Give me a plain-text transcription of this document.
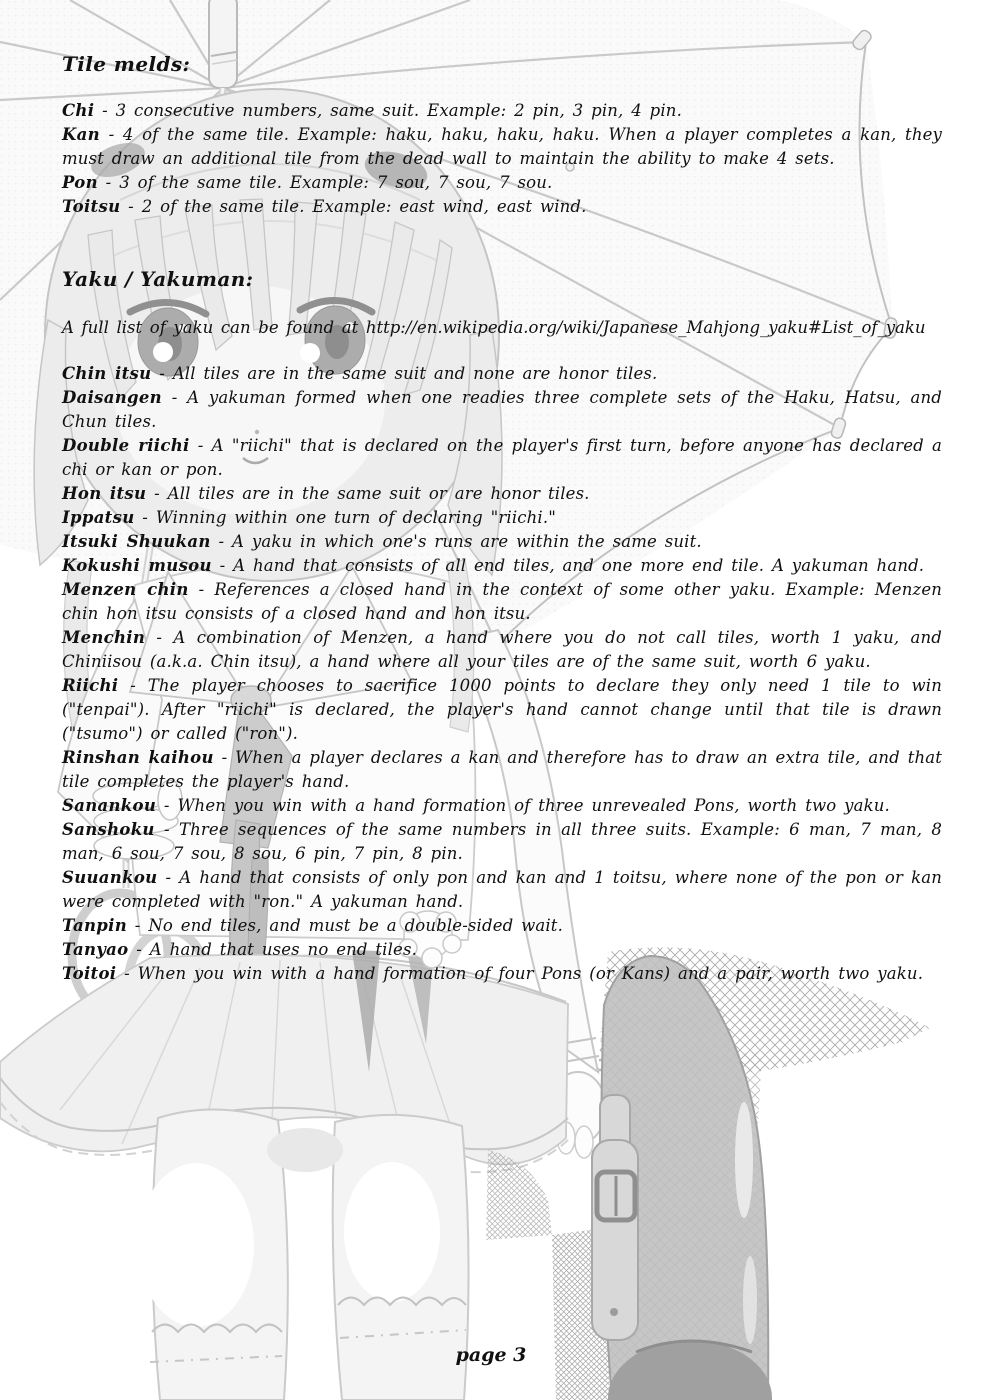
Tile melds:

Chi - 3 consecutive numbers, same suit. Example: 2 pin, 3 pin, 4 pin.

Kan - 4 of the same tile. Example: haku, haku, haku, haku. When a player completes a kan, they must draw an additional tile from the dead wall to maintain the ability to make 4 sets.

Pon - 3 of the same tile. Example: 7 sou, 7 sou, 7 sou.

Toitsu - 2 of the same tile. Example: east wind, east wind.

Yaku / Yakuman:
A full list of yaku can be found at http://en.wikipedia.org/wiki/Japanese_Mahjong_yaku#List_of_yaku

Chin itsu - All tiles are in the same suit and none are honor tiles.

Daisangen - A yakuman formed when one readies three complete sets of the Haku, Hatsu, and Chun tiles.

Double riichi - A "riichi" that is declared on the player's first turn, before anyone has declared a chi or kan or pon.

Hon itsu - All tiles are in the same suit or are honor tiles.

Ippatsu - Winning within one turn of declaring "riichi."

Itsuki Shuukan - A yaku in which one's runs are within the same suit.

Kokushi musou - A hand that consists of all end tiles, and one more end tile. A yakuman hand.

Menzen chin - References a closed hand in the context of some other yaku. Example: Menzen chin hon itsu consists of a closed hand and hon itsu.

Menchin - A combination of Menzen, a hand where you do not call tiles, worth 1 yaku, and Chiniisou (a.k.a. Chin itsu), a hand where all your tiles are of the same suit, worth 6 yaku.

Riichi - The player chooses to sacrifice 1000 points to declare they only need 1 tile to win ("tenpai"). After "riichi" is declared, the player's hand cannot change until that tile is drawn ("tsumo") or called ("ron").

Rinshan kaihou - When a player declares a kan and therefore has to draw an extra tile, and that tile completes the player's hand.

Sanankou - When you win with a hand formation of three unrevealed Pons, worth two yaku.

Sanshoku - Three sequences of the same numbers in all three suits. Example: 6 man, 7 man, 8 man, 6 sou, 7 sou, 8 sou, 6 pin, 7 pin, 8 pin.

Suuankou - A hand that consists of only pon and kan and 1 toitsu, where none of the pon or kan were completed with "ron." A yakuman hand.

Tanpin - No end tiles, and must be a double-sided wait.

Tanyao - A hand that uses no end tiles.

Toitoi - When you win with a hand formation of four Pons (or Kans) and a pair, worth two yaku.

page 3
